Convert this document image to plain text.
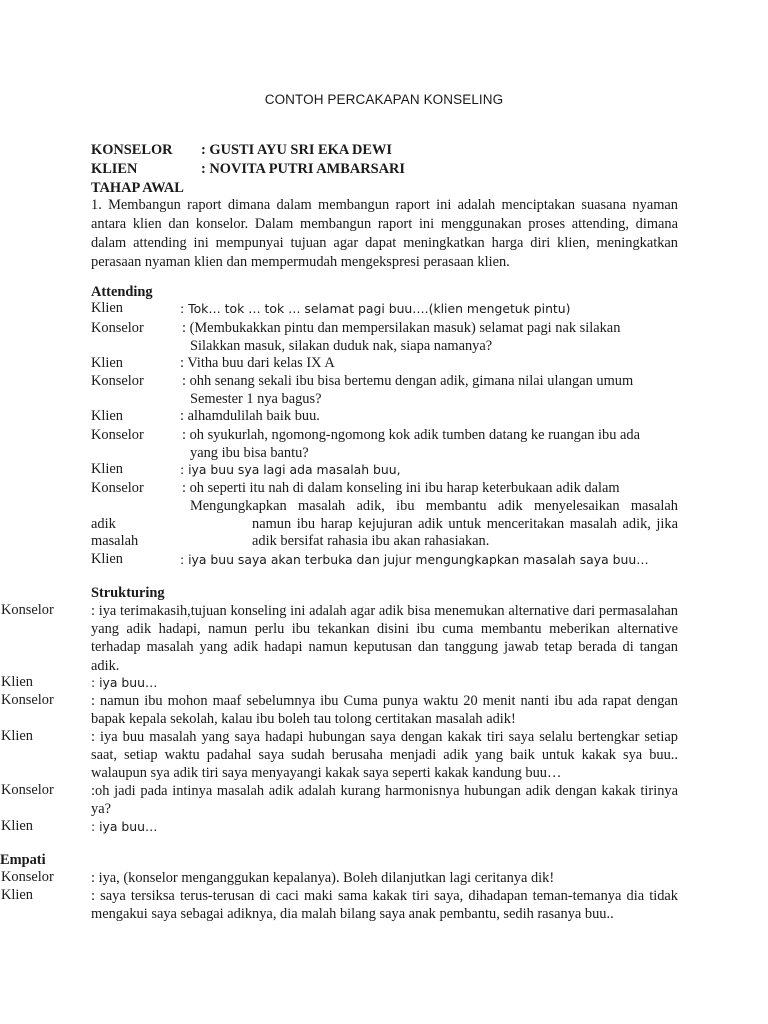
CONTOH PERCAKAPAN KONSELING
KONSELOR	: GUSTI AYU SRI EKA DEWI
KLIEN	: NOVITA PUTRI AMBARSARI
TAHAP AWAL
1. Membangun raport dimana dalam membangun raport ini adalah menciptakan suasana nyaman antara klien dan konselor. Dalam membangun raport ini menggunakan proses attending, dimana dalam attending ini mempunyai tujuan agar dapat meningkatkan harga diri klien, meningkatkan perasaan nyaman klien dan mempermudah mengekspresi perasaan klien.
Attending
Klien	: Tok… tok … tok … selamat pagi buu….(klien mengetuk pintu)
Konselor	: (Membukakkan pintu dan mempersilakan masuk) selamat pagi nak silakan
Silakkan masuk, silakan duduk nak, siapa namanya?
Klien	: Vitha buu dari kelas IX A
Konselor	: ohh senang sekali ibu bisa bertemu dengan adik, gimana nilai ulangan umum
Semester 1 nya bagus?
Klien	: alhamdulilah baik buu.
Konselor	: oh syukurlah, ngomong-ngomong kok adik tumben datang ke ruangan ibu ada
yang ibu bisa bantu?
Klien	: iya buu sya lagi ada masalah buu,
Konselor	: oh seperti itu nah di dalam konseling ini ibu harap keterbukaan adik dalam
Mengungkapkan masalah adik, ibu membantu adik menyelesaikan masalah
adik	namun ibu harap kejujuran adik untuk menceritakan masalah adik, jika
masalah	adik bersifat rahasia ibu akan rahasiakan.
Klien	: iya buu saya akan terbuka dan jujur mengungkapkan masalah saya buu…
Strukturing
Konselor	: iya terimakasih,tujuan konseling ini adalah agar adik bisa menemukan alternative dari permasalahan yang adik hadapi, namun perlu ibu tekankan disini ibu cuma membantu meberikan alternative terhadap masalah yang adik hadapi namun keputusan dan tanggung jawab tetap berada di tangan adik.
Klien	: iya buu…
Konselor	: namun ibu mohon maaf sebelumnya ibu Cuma punya waktu 20 menit nanti ibu ada rapat dengan bapak kepala sekolah, kalau ibu boleh tau tolong certitakan masalah adik!
Klien	: iya buu masalah yang saya hadapi hubungan saya dengan kakak tiri saya selalu bertengkar setiap saat, setiap waktu padahal saya sudah berusaha menjadi adik yang baik untuk kakak sya buu.. walaupun sya adik tiri saya menyayangi kakak saya seperti kakak kandung buu…
Konselor	:oh jadi pada intinya masalah adik adalah kurang harmonisnya hubungan adik dengan kakak tirinya ya?
Klien	: iya buu…
Empati
Konselor	: iya, (konselor menganggukan kepalanya). Boleh dilanjutkan lagi ceritanya dik!
Klien	: saya tersiksa terus-terusan di caci maki sama kakak tiri saya, dihadapan teman-temanya dia tidak mengakui saya sebagai adiknya, dia malah bilang saya anak pembantu, sedih rasanya buu..
